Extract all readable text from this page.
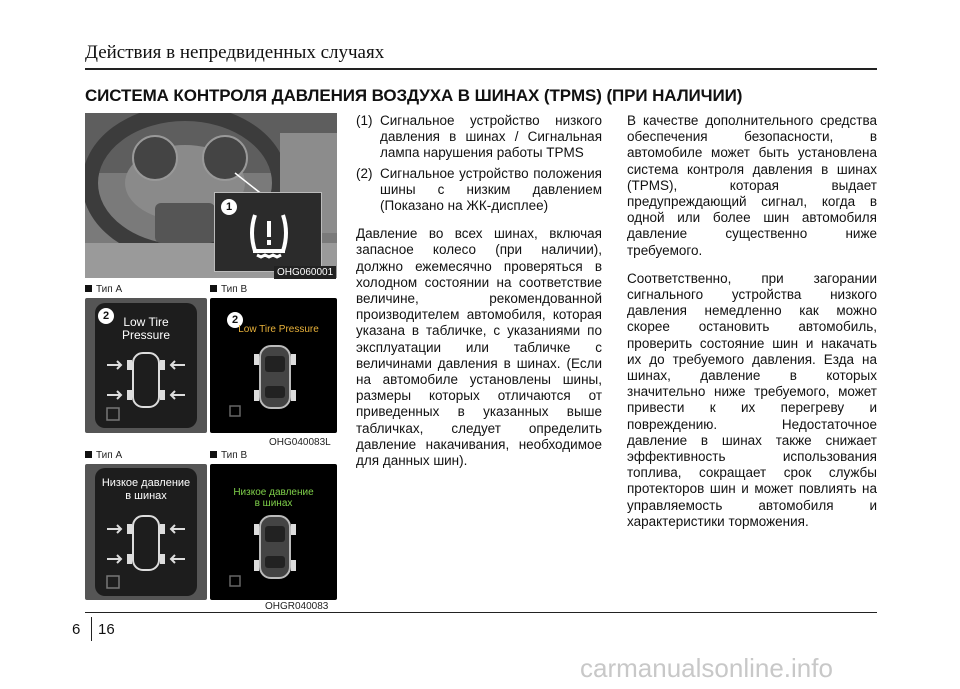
Действия в непредвиденных случаях
СИСТЕМА КОНТРОЛЯ ДАВЛЕНИЯ ВОЗДУХА В ШИНАХ (TPMS) (ПРИ НАЛИЧИИ)
1
OHG060001
Тип А	Тип В
2	Low Tire
Pressure
2
Low Tire Pressure
OHG040083L
Тип А	Тип В
Низкое давление
в шинах	Низкое давление
в шинах
OHGR040083
(1) Сигнальное устройство низкого давления в шинах / Сигнальная лампа нарушения работы TPMS
(2) Сигнальное устройство положения шины с низким давлением (Показано на ЖК-дисплее)

Давление во всех шинах, включая запасное колесо (при наличии), должно ежемесячно проверяться в холодном состоянии на соответствие величине, рекомендованной производителем автомобиля, которая указана в табличке, с указаниями по эксплуатации или табличке с величинами давления в шинах. (Если на автомобиле установлены шины, размеры которых отличаются от приведенных в указанных выше табличках, следует определить давление накачивания, необходимое для данных шин).

В качестве дополнительного средства обеспечения безопасности, в автомобиле может быть установлена система контроля давления в шинах (TPMS), которая выдает предупреждающий сигнал, когда в одной или более шин автомобиля давление существенно ниже требуемого.

Соответственно, при загорании сигнального устройства низкого давления немедленно как можно скорее остановить автомобиль, проверить состояние шин и накачать их до требуемого давления. Езда на шинах, давление в которых значительно ниже требуемого, может привести к их перегреву и повреждению. Недостаточное давление в шинах также снижает эффективность использования топлива, сокращает срок службы протекторов шин и может повлиять на управляемость автомобиля и характеристики торможения.

6 16
carmanualsonline.info
